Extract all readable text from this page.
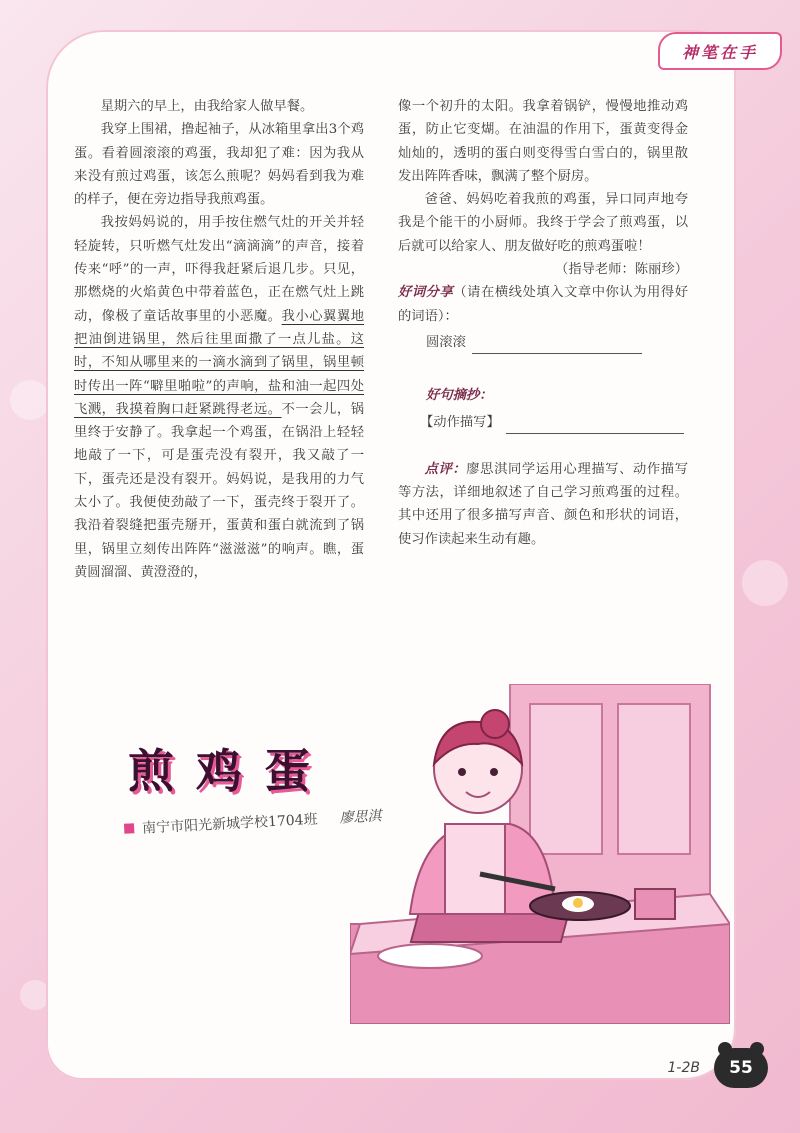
神笔在手

星期六的早上，由我给家人做早餐。

我穿上围裙，撸起袖子，从冰箱里拿出3个鸡蛋。看着圆滚滚的鸡蛋，我却犯了难：因为我从来没有煎过鸡蛋，该怎么煎呢？妈妈看到我为难的样子，便在旁边指导我煎鸡蛋。

我按妈妈说的，用手按住燃气灶的开关并轻轻旋转，只听燃气灶发出“滴滴滴”的声音，接着传来“呼”的一声，吓得我赶紧后退几步。只见，那燃烧的火焰黄色中带着蓝色，正在燃气灶上跳动，像极了童话故事里的小恶魔。我小心翼翼地把油倒进锅里，然后往里面撒了一点儿盐。这时，不知从哪里来的一滴水滴到了锅里，锅里顿时传出一阵“噼里啪啦”的声响，盐和油一起四处飞溅，我摸着胸口赶紧跳得老远。不一会儿，锅里终于安静了。我拿起一个鸡蛋，在锅沿上轻轻地敲了一下，可是蛋壳没有裂开，我又敲了一下，蛋壳还是没有裂开。妈妈说，是我用的力气太小了。我便使劲敲了一下，蛋壳终于裂开了。我沿着裂缝把蛋壳掰开，蛋黄和蛋白就流到了锅里，锅里立刻传出阵阵“滋滋滋”的响声。瞧，蛋黄圆溜溜、黄澄澄的，

像一个初升的太阳。我拿着锅铲，慢慢地推动鸡蛋，防止它变煳。在油温的作用下，蛋黄变得金灿灿的，透明的蛋白则变得雪白雪白的，锅里散发出阵阵香味，飘满了整个厨房。

爸爸、妈妈吃着我煎的鸡蛋，异口同声地夸我是个能干的小厨师。我终于学会了煎鸡蛋，以后就可以给家人、朋友做好吃的煎鸡蛋啦！

（指导老师：陈丽珍）

好词分享（请在横线处填入文章中你认为用得好的词语）：

圆滚滚

好句摘抄：

【动作描写】

点评：廖思淇同学运用心理描写、动作描写等方法，详细地叙述了自己学习煎鸡蛋的过程。其中还用了很多描写声音、颜色和形状的词语，使习作读起来生动有趣。

煎鸡蛋
南宁市阳光新城学校1704班 廖思淇
1-2B	55
